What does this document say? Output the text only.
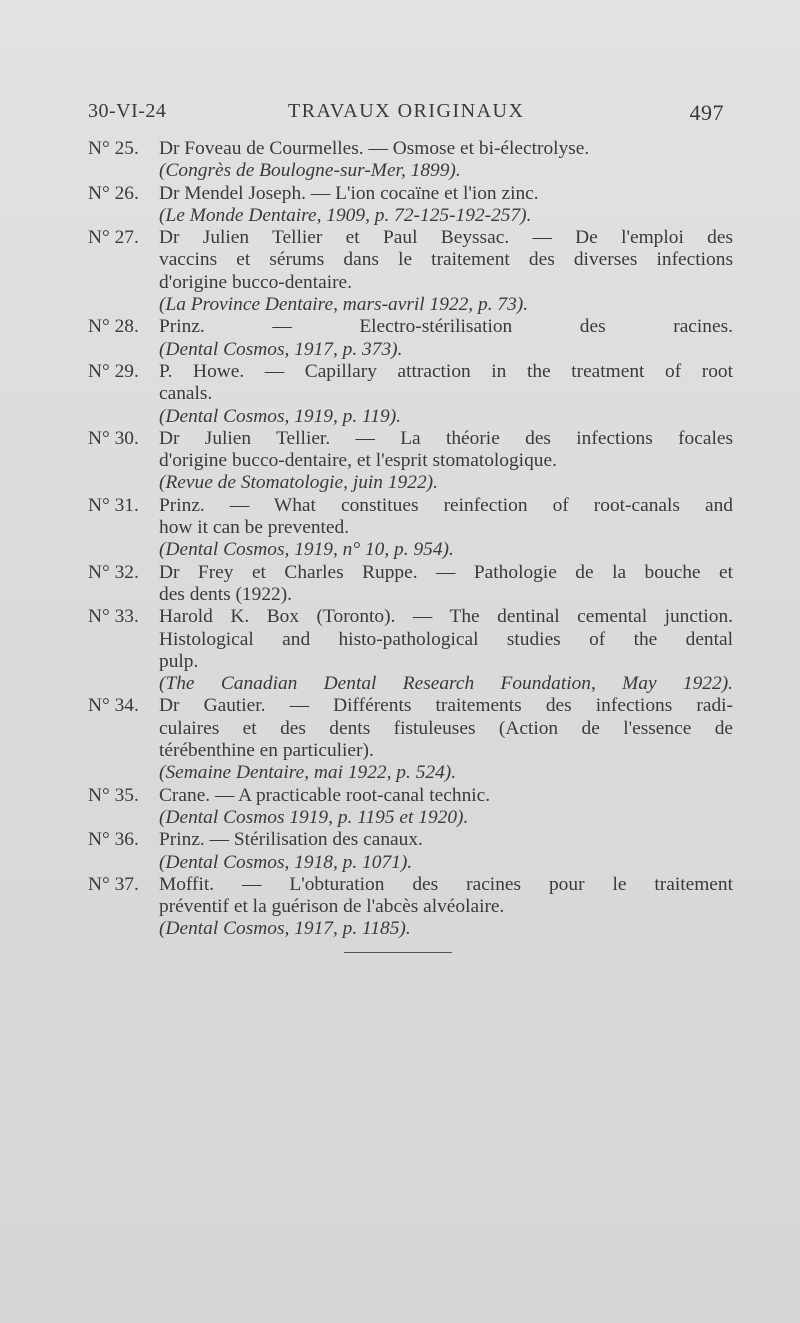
30-VI-24	TRAVAUX ORIGINAUX	497
N° 25.	Dr Foveau de Courmelles. — Osmose et bi-électrolyse.
(Congrès de Boulogne-sur-Mer, 1899).
N° 26.	Dr Mendel Joseph. — L'ion cocaïne et l'ion zinc.
(Le Monde Dentaire, 1909, p. 72-125-192-257).
N° 27.	Dr Julien Tellier et Paul Beyssac. — De l'emploi des
vaccins et sérums dans le traitement des diverses infections
d'origine bucco-dentaire.
(La Province Dentaire, mars-avril 1922, p. 73).
N° 28.	Prinz. — Electro-stérilisation des racines.
(Dental Cosmos, 1917, p. 373).
N° 29.	P. Howe. — Capillary attraction in the treatment of root
canals.
(Dental Cosmos, 1919, p. 119).
N° 30.	Dr Julien Tellier. — La théorie des infections focales
d'origine bucco-dentaire, et l'esprit stomatologique.
(Revue de Stomatologie, juin 1922).
N° 31.	Prinz. — What constitues reinfection of root-canals and
how it can be prevented.
(Dental Cosmos, 1919, n° 10, p. 954).
N° 32.	Dr Frey et Charles Ruppe. — Pathologie de la bouche et
des dents (1922).
N° 33.	Harold K. Box (Toronto). — The dentinal cemental junction.
Histological and histo-pathological studies of the dental
pulp.
(The Canadian Dental Research Foundation, May 1922).
N° 34.	Dr Gautier. — Différents traitements des infections radi-
culaires et des dents fistuleuses (Action de l'essence de
térébenthine en particulier).
(Semaine Dentaire, mai 1922, p. 524).
N° 35.	Crane. — A practicable root-canal technic.
(Dental Cosmos 1919, p. 1195 et 1920).
N° 36.	Prinz. — Stérilisation des canaux.
(Dental Cosmos, 1918, p. 1071).
N° 37.	Moffit. — L'obturation des racines pour le traitement
préventif et la guérison de l'abcès alvéolaire.
(Dental Cosmos, 1917, p. 1185).
